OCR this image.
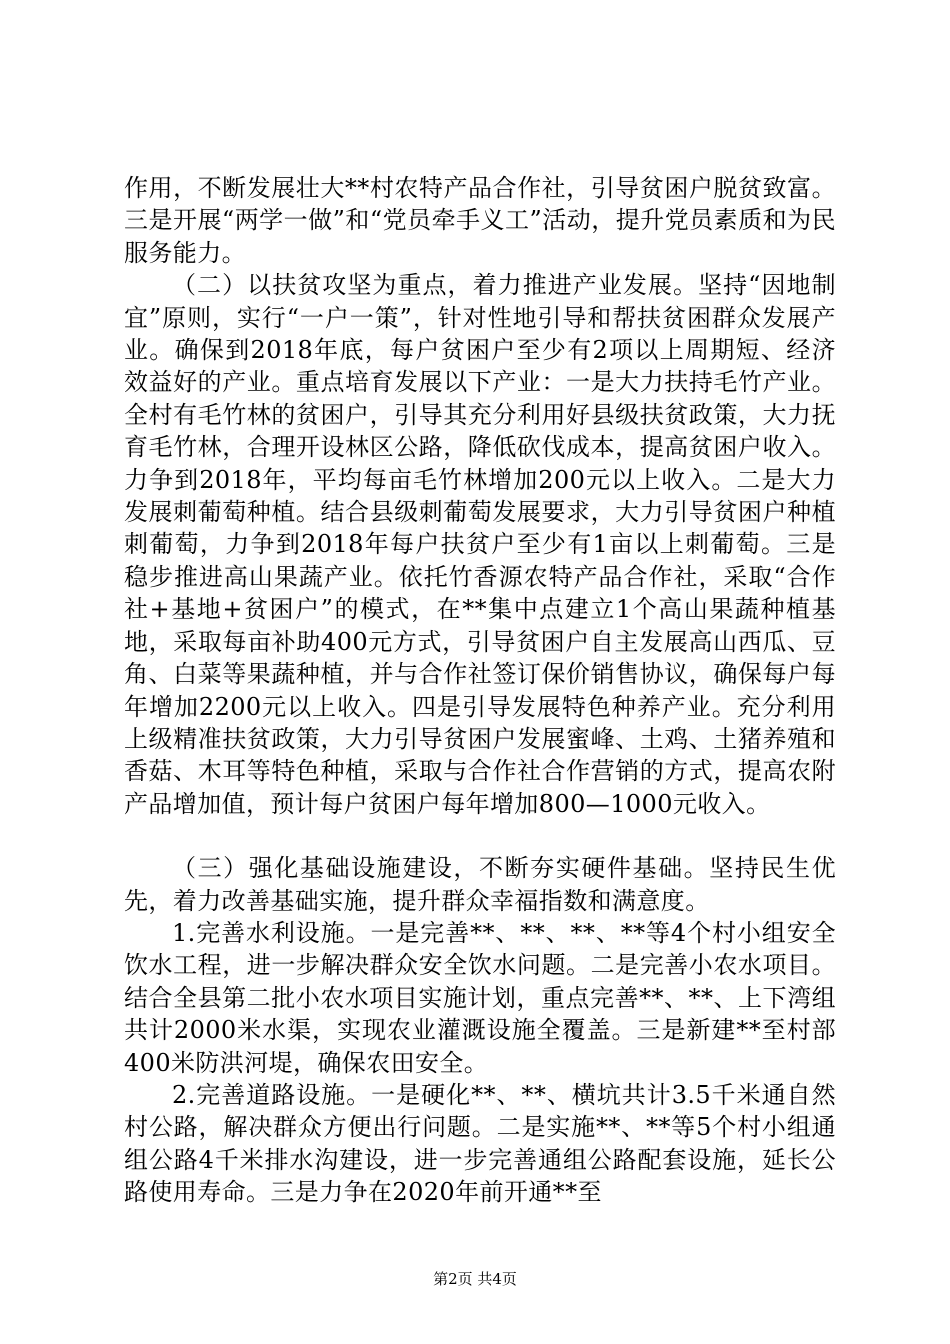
作用，不断发展壮大**村农特产品合作社，引导贫困户脱贫致富。三是开展“两学一做”和“党员牵手义工”活动，提升党员素质和为民服务能力。

（二）以扶贫攻坚为重点，着力推进产业发展。坚持“因地制宜”原则，实行“一户一策”，针对性地引导和帮扶贫困群众发展产业。确保到2018年底，每户贫困户至少有2项以上周期短、经济效益好的产业。重点培育发展以下产业：一是大力扶持毛竹产业。全村有毛竹林的贫困户，引导其充分利用好县级扶贫政策，大力抚育毛竹林，合理开设林区公路，降低砍伐成本，提高贫困户收入。力争到2018年，平均每亩毛竹林增加200元以上收入。二是大力发展刺葡萄种植。结合县级刺葡萄发展要求，大力引导贫困户种植刺葡萄，力争到2018年每户扶贫户至少有1亩以上刺葡萄。三是稳步推进高山果蔬产业。依托竹香源农特产品合作社，采取“合作社+基地+贫困户”的模式，在**集中点建立1个高山果蔬种植基地，采取每亩补助400元方式，引导贫困户自主发展高山西瓜、豆角、白菜等果蔬种植，并与合作社签订保价销售协议，确保每户每年增加2200元以上收入。四是引导发展特色种养产业。充分利用上级精准扶贫政策，大力引导贫困户发展蜜峰、土鸡、土猪养殖和香菇、木耳等特色种植，采取与合作社合作营销的方式，提高农附产品增加值，预计每户贫困户每年增加800—1000元收入。

（三）强化基础设施建设，不断夯实硬件基础。坚持民生优先，着力改善基础实施，提升群众幸福指数和满意度。

1.完善水利设施。一是完善**、**、**、**等4个村小组安全饮水工程，进一步解决群众安全饮水问题。二是完善小农水项目。结合全县第二批小农水项目实施计划，重点完善**、**、上下湾组共计2000米水渠，实现农业灌溉设施全覆盖。三是新建**至村部400米防洪河堤，确保农田安全。

2.完善道路设施。一是硬化**、**、横坑共计3.5千米通自然村公路，解决群众方便出行问题。二是实施**、**等5个村小组通组公路4千米排水沟建设，进一步完善通组公路配套设施，延长公路使用寿命。三是力争在2020年前开通**至

第2页 共4页
